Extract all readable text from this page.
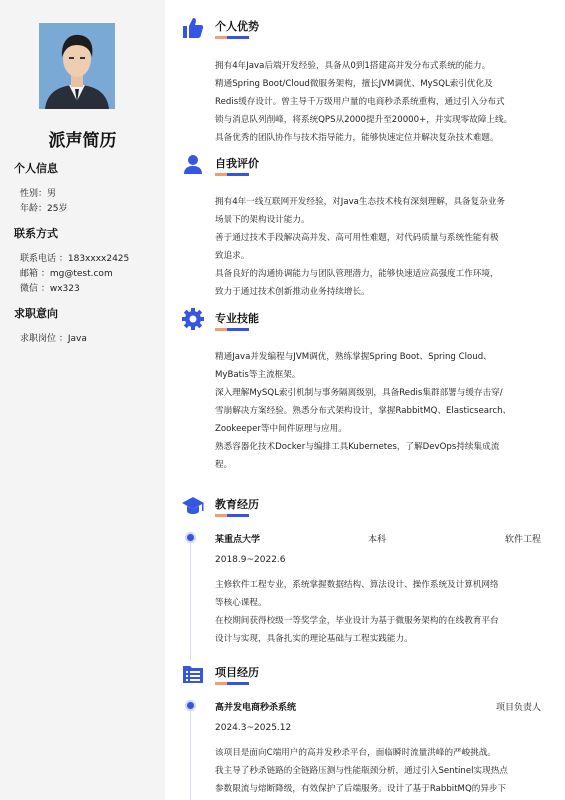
派声简历
个人信息
性别：男
年龄：25岁
联系方式
联系电话 ：183xxxx2425
邮箱 ：mg@test.com
微信 ：wx323
求职意向
求职岗位 ：Java
个人优势

拥有4年Java后端开发经验，具备从0到1搭建高并发分布式系统的能力。

精通Spring Boot/Cloud微服务架构，擅长JVM调优、MySQL索引优化及

Redis缓存设计。曾主导千万级用户量的电商秒杀系统重构，通过引入分布式

锁与消息队列削峰，将系统QPS从2000提升至20000+，并实现零故障上线。

具备优秀的团队协作与技术指导能力，能够快速定位并解决复杂技术难题。

自我评价

拥有4年一线互联网开发经验，对Java生态技术栈有深刻理解，具备复杂业务

场景下的架构设计能力。

善于通过技术手段解决高并发、高可用性难题，对代码质量与系统性能有极

致追求。

具备良好的沟通协调能力与团队管理潜力，能够快速适应高强度工作环境，

致力于通过技术创新推动业务持续增长。

专业技能

精通Java并发编程与JVM调优，熟练掌握Spring Boot、Spring Cloud、

MyBatis等主流框架。

深入理解MySQL索引机制与事务隔离级别，具备Redis集群部署与缓存击穿/

雪崩解决方案经验。熟悉分布式架构设计，掌握RabbitMQ、Elasticsearch、

Zookeeper等中间件原理与应用。

熟悉容器化技术Docker与编排工具Kubernetes，了解DevOps持续集成流

程。

教育经历
某重点大学	本科	软件工程
2018.9~2022.6

主修软件工程专业，系统掌握数据结构、算法设计、操作系统及计算机网络

等核心课程。

在校期间获得校级一等奖学金，毕业设计为基于微服务架构的在线教育平台

设计与实现，具备扎实的理论基础与工程实践能力。

项目经历
高并发电商秒杀系统	项目负责人
2024.3~2025.12

该项目是面向C端用户的高并发秒杀平台，面临瞬时流量洪峰的严峻挑战。

我主导了秒杀链路的全链路压测与性能瓶颈分析，通过引入Sentinel实现热点

参数限流与熔断降级，有效保护了后端服务。设计了基于RabbitMQ的异步下
